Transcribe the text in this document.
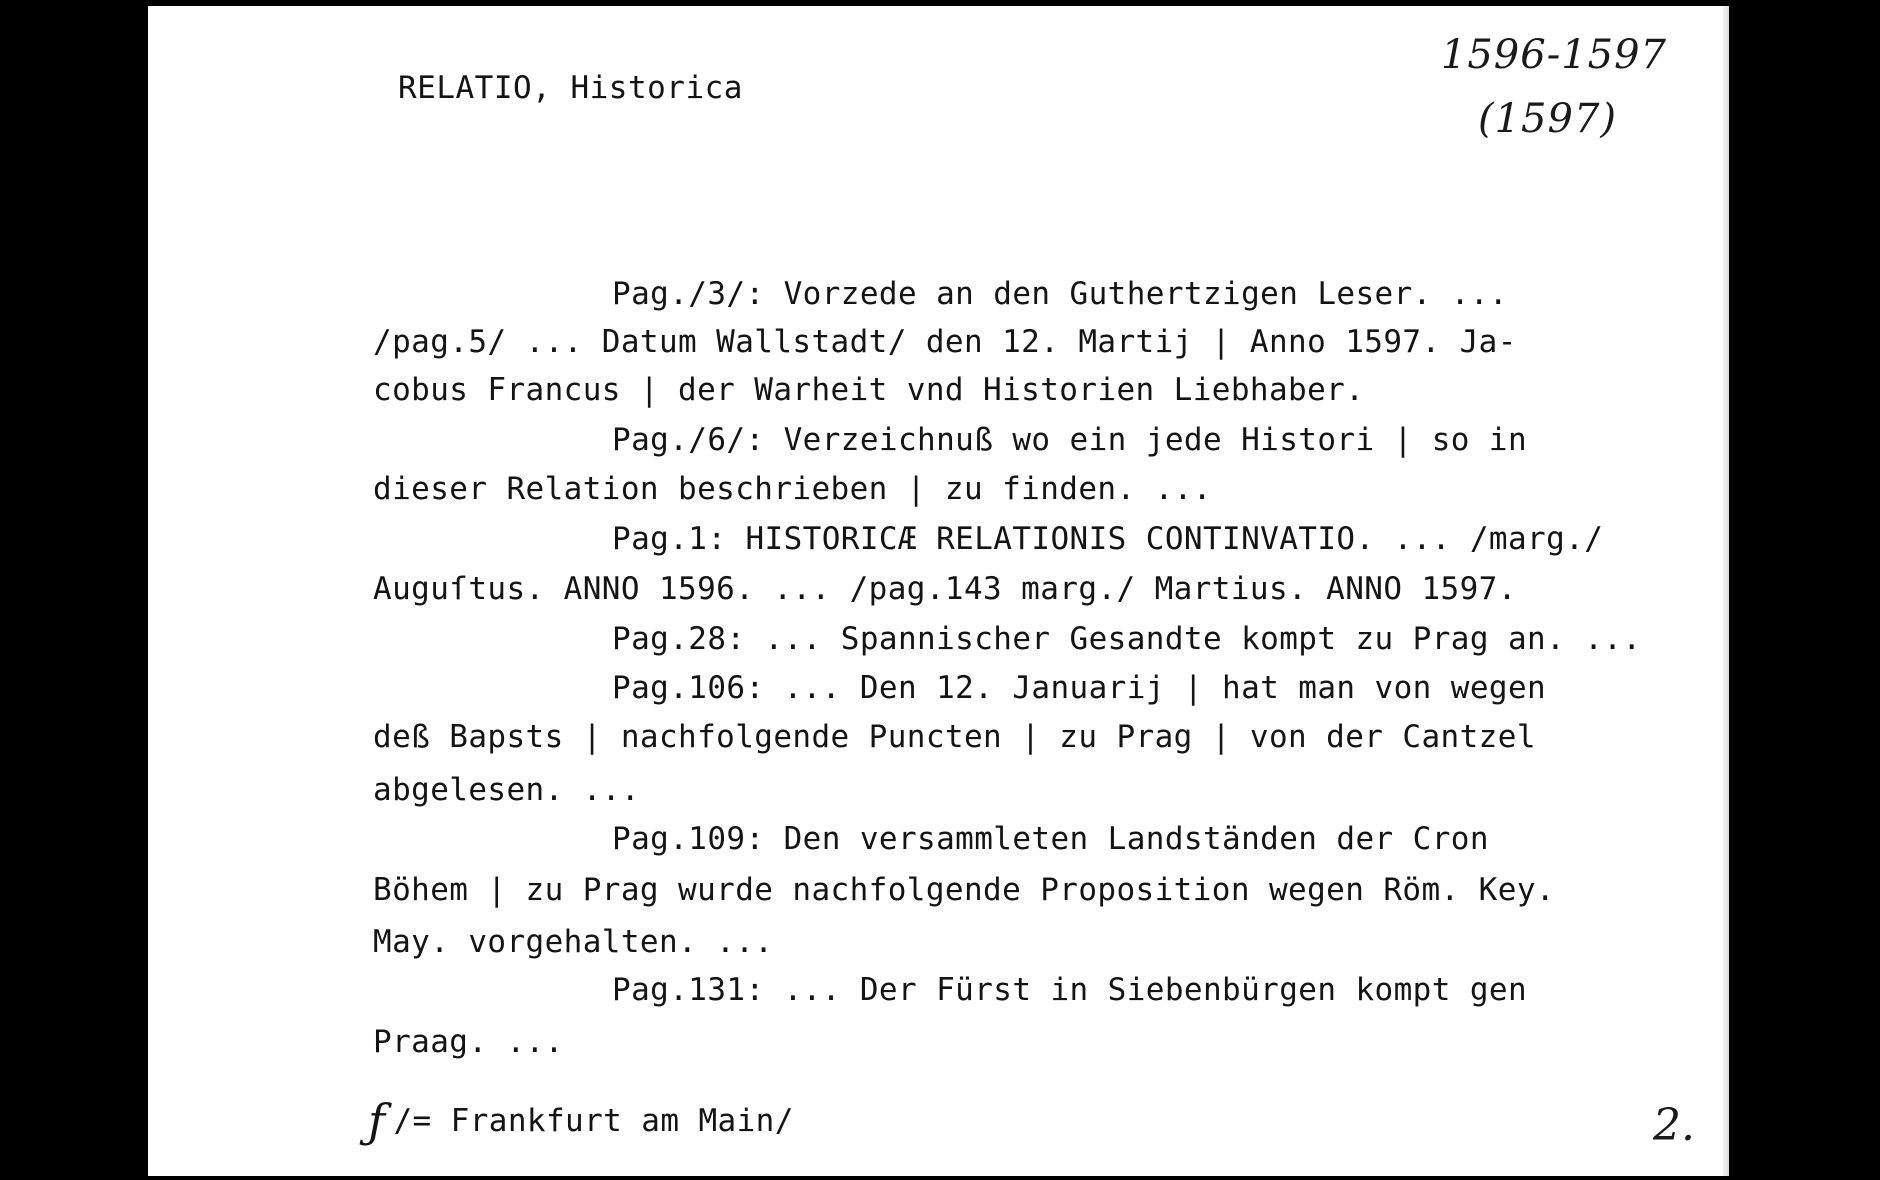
RELATIO, Historica
1596-1597
(1597)
Pag./3/: Vorzede an den Guthertzigen Leser. ...
/pag.5/ ... Datum Wallstadt/ den 12. Martij | Anno 1597. Ja-
cobus Francus | der Warheit vnd Historien Liebhaber.
Pag./6/: Verzeichnuß wo ein jede Histori | so in
dieser Relation beschrieben | zu finden. ...
Pag.1: HISTORICÆ RELATIONIS CONTINVATIO. ... /marg./
Auguſtus. ANNO 1596. ... /pag.143 marg./ Martius. ANNO 1597.
Pag.28: ... Spannischer Gesandte kompt zu Prag an. ...
Pag.106: ... Den 12. Januarij | hat man von wegen
deß Bapsts | nachfolgende Puncten | zu Prag | von der Cantzel
abgelesen. ...
Pag.109: Den versammleten Landständen der Cron
Böhem | zu Prag wurde nachfolgende Proposition wegen Röm. Key.
May. vorgehalten. ...
Pag.131: ... Der Fürst in Siebenbürgen kompt gen
Praag. ...
ƒ /= Frankfurt am Main/	2.
